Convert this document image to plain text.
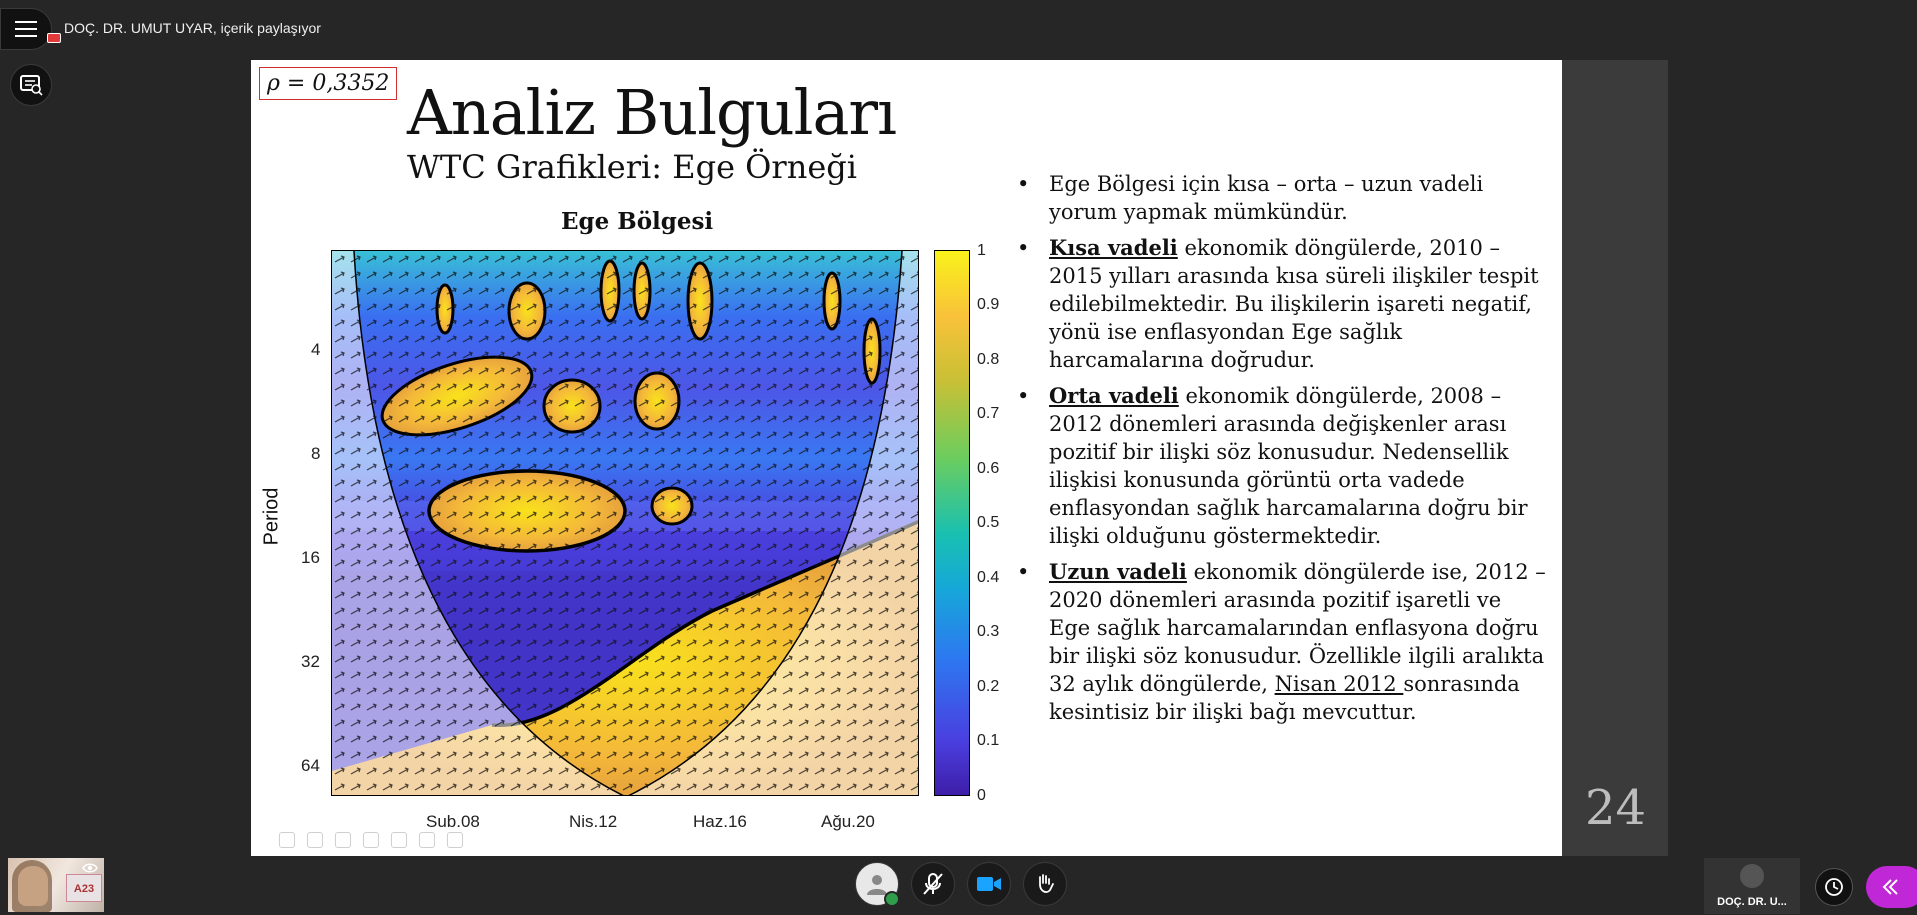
DOÇ. DR. UMUT UYAR, içerik paylaşıyor
ρ = 0,3352 Analiz Bulguları
WTC Grafikleri: Ege Örneği
Ege Bölgesi
Period
4
8
16
32
64
Sub.08	Nis.12	Haz.16	Ağu.20
1
0.9
0.8
0.7
0.6
0.5
0.4
0.3
0.2
0.1
0
• Ege Bölgesi için kısa – orta – uzun vadeli yorum yapmak mümkündür.
• Kısa vadeli ekonomik döngülerde, 2010 – 2015 yılları arasında kısa süreli ilişkiler tespit edilebilmektedir. Bu ilişkilerin işareti negatif, yönü ise enflasyondan Ege sağlık harcamalarına doğrudur.
• Orta vadeli ekonomik döngülerde, 2008 – 2012 dönemleri arasında değişkenler arası pozitif bir ilişki söz konusudur. Nedensellik ilişkisi konusunda görüntü orta vadede enflasyondan sağlık harcamalarına doğru bir ilişki olduğunu göstermektedir.
• Uzun vadeli ekonomik döngülerde ise, 2012 – 2020 dönemleri arasında pozitif işaretli ve Ege sağlık harcamalarından enflasyona doğru bir ilişki söz konusudur. Özellikle ilgili aralıkta 32 aylık döngülerde, Nisan 2012 sonrasında kesintisiz bir ilişki bağı mevcuttur.
24
A23
DOÇ. DR. U...
